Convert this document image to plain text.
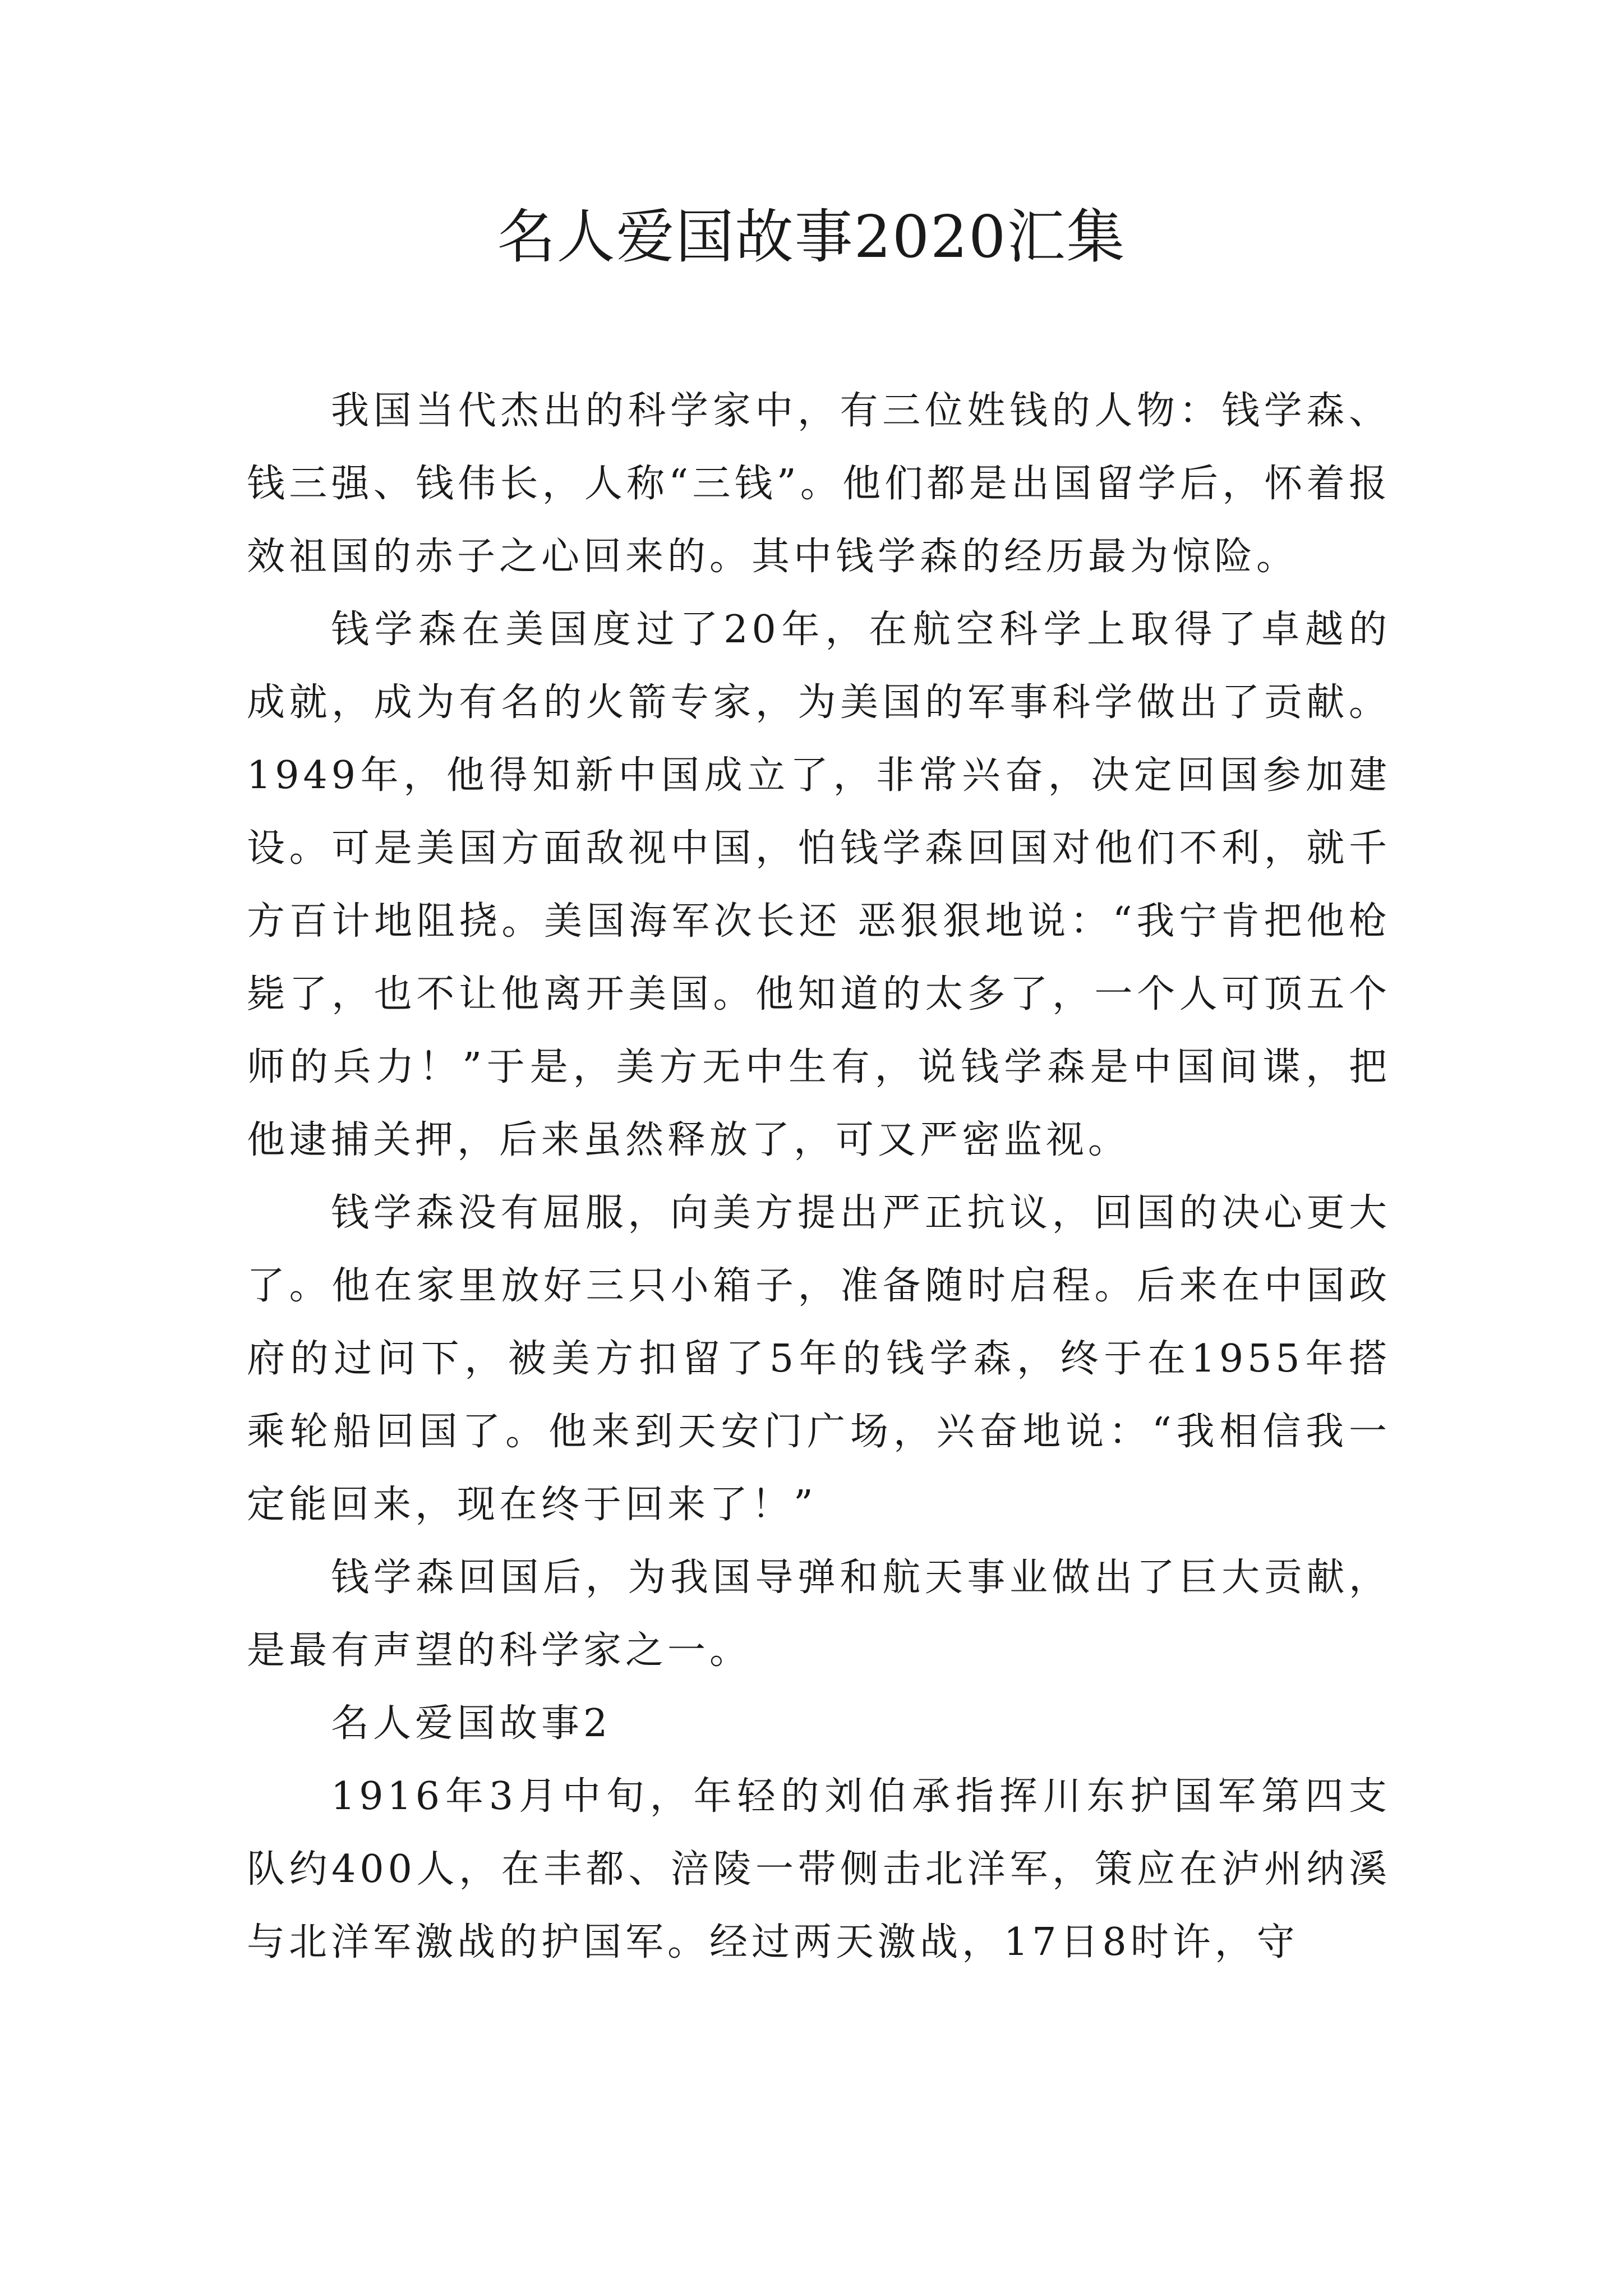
名人爱国故事2020汇集

我国当代杰出的科学家中，有三位姓钱的人物：钱学森、钱三强、钱伟长，人称“三钱”。他们都是出国留学后，怀着报效祖国的赤子之心回来的。其中钱学森的经历最为惊险。

钱学森在美国度过了20年，在航空科学上取得了卓越的成就，成为有名的火箭专家，为美国的军事科学做出了贡献。1949年，他得知新中国成立了，非常兴奋，决定回国参加建设。可是美国方面敌视中国，怕钱学森回国对他们不利，就千方百计地阻挠。美国海军次长还 恶狠狠地说：“我宁肯把他枪毙了，也不让他离开美国。他知道的太多了，一个人可顶五个师的兵力！”于是，美方无中生有，说钱学森是中国间谍，把他逮捕关押，后来虽然释放了，可又严密监视。

钱学森没有屈服，向美方提出严正抗议，回国的决心更大了。他在家里放好三只小箱子，准备随时启程。后来在中国政府的过问下，被美方扣留了5年的钱学森，终于在1955年搭乘轮船回国了。他来到天安门广场，兴奋地说：“我相信我一定能回来，现在终于回来了！”

钱学森回国后，为我国导弹和航天事业做出了巨大贡献，是最有声望的科学家之一。

名人爱国故事2

1916年3月中旬，年轻的刘伯承指挥川东护国军第四支队约400人，在丰都、涪陵一带侧击北洋军，策应在泸州纳溪与北洋军激战的护国军。经过两天激战，17日8时许，守
